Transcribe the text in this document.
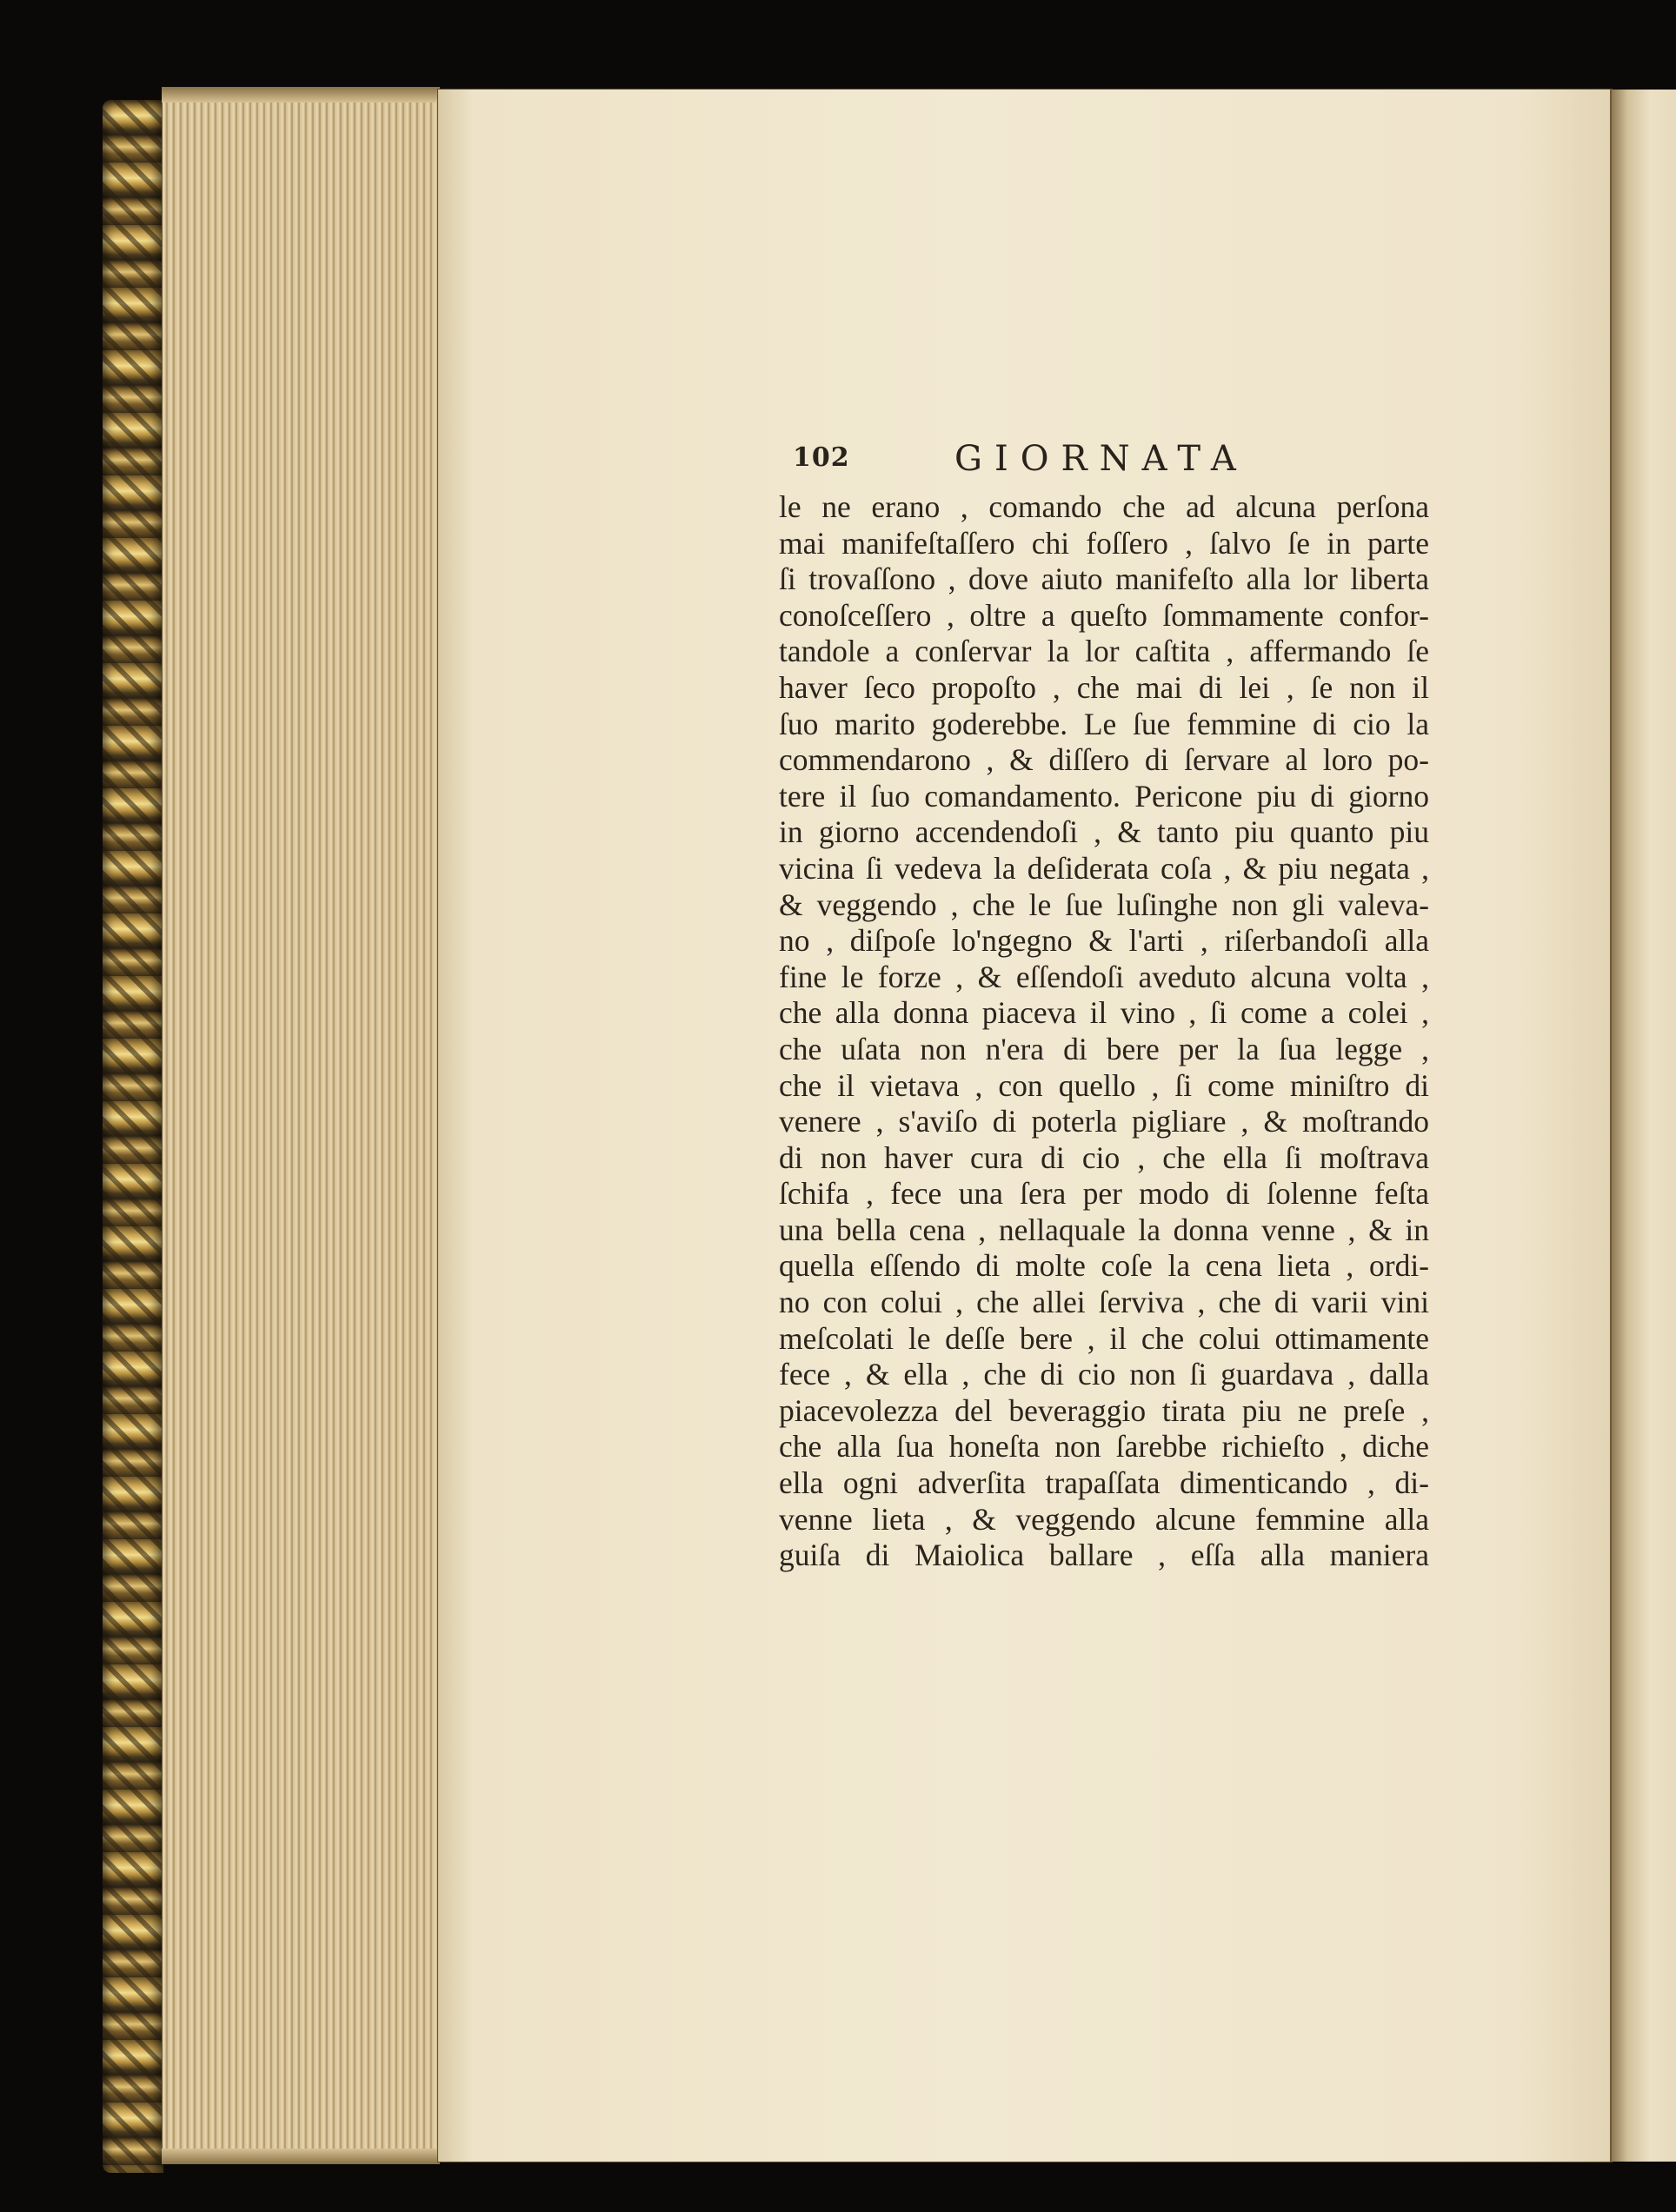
102	GIORNATA
le ne erano , comando che ad alcuna perſona
mai manifeſtaſſero chi foſſero , ſalvo ſe in parte
ſi trovaſſono , dove aiuto manifeſto alla lor liberta
conoſceſſero , oltre a queſto ſommamente confor-
tandole a conſervar la lor caſtita , affermando ſe
haver ſeco propoſto , che mai di lei , ſe non il
ſuo marito goderebbe. Le ſue femmine di cio la
commendarono , & diſſero di ſervare al loro po-
tere il ſuo comandamento. Pericone piu di giorno
in giorno accendendoſi , & tanto piu quanto piu
vicina ſi vedeva la deſiderata coſa , & piu negata ,
& veggendo , che le ſue luſinghe non gli valeva-
no , diſpoſe lo'ngegno & l'arti , riſerbandoſi alla
fine le forze , & eſſendoſi aveduto alcuna volta ,
che alla donna piaceva il vino , ſi come a colei ,
che uſata non n'era di bere per la ſua legge ,
che il vietava , con quello , ſi come miniſtro di
venere , s'aviſo di poterla pigliare , & moſtrando
di non haver cura di cio , che ella ſi moſtrava
ſchifa , fece una ſera per modo di ſolenne feſta
una bella cena , nellaquale la donna venne , & in
quella eſſendo di molte coſe la cena lieta , ordi-
no con colui , che allei ſerviva , che di varii vini
meſcolati le deſſe bere , il che colui ottimamente
fece , & ella , che di cio non ſi guardava , dalla
piacevolezza del beveraggio tirata piu ne preſe ,
che alla ſua honeſta non ſarebbe richieſto , diche
ella ogni adverſita trapaſſata dimenticando , di-
venne lieta , & veggendo alcune femmine alla
guiſa di Maiolica ballare , eſſa alla maniera
